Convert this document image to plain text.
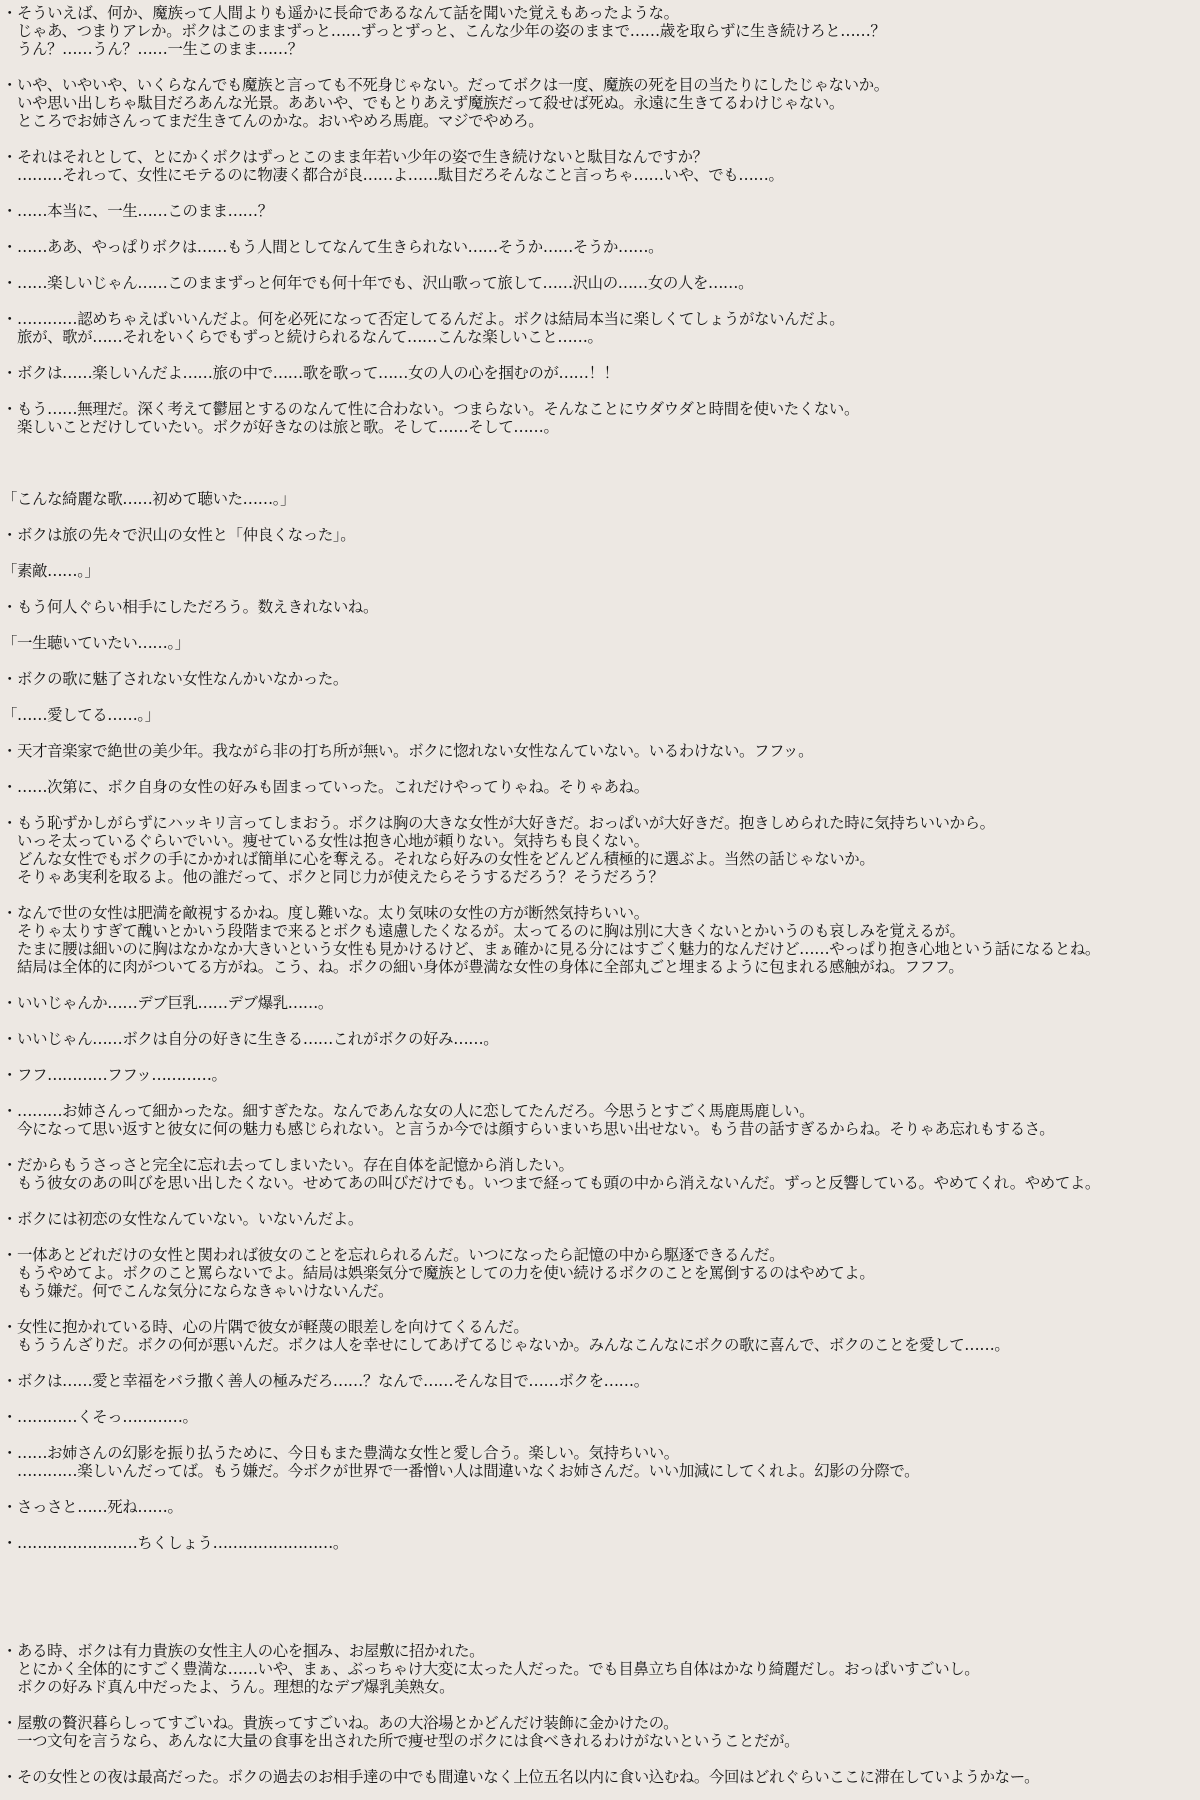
・そういえば、何か、魔族って人間よりも遥かに長命であるなんて話を聞いた覚えもあったような。
　じゃあ、つまりアレか。ボクはこのままずっと……ずっとずっと、こんな少年の姿のままで……歳を取らずに生き続けろと……？
　うん？……うん？……一生このまま……？
・いや、いやいや、いくらなんでも魔族と言っても不死身じゃない。だってボクは一度、魔族の死を目の当たりにしたじゃないか。
　いや思い出しちゃ駄目だろあんな光景。ああいや、でもとりあえず魔族だって殺せば死ぬ。永遠に生きてるわけじゃない。
　ところでお姉さんってまだ生きてんのかな。おいやめろ馬鹿。マジでやめろ。
・それはそれとして、とにかくボクはずっとこのまま年若い少年の姿で生き続けないと駄目なんですか？
　………それって、女性にモテるのに物凄く都合が良……よ……駄目だろそんなこと言っちゃ……いや、でも……。
・……本当に、一生……このまま……？
・……ああ、やっぱりボクは……もう人間としてなんて生きられない……そうか……そうか……。
・……楽しいじゃん……このままずっと何年でも何十年でも、沢山歌って旅して……沢山の……女の人を……。
・…………認めちゃえばいいんだよ。何を必死になって否定してるんだよ。ボクは結局本当に楽しくてしょうがないんだよ。
　旅が、歌が……それをいくらでもずっと続けられるなんて……こんな楽しいこと……。
・ボクは……楽しいんだよ……旅の中で……歌を歌って……女の人の心を掴むのが……！！
・もう……無理だ。深く考えて鬱屈とするのなんて性に合わない。つまらない。そんなことにウダウダと時間を使いたくない。
　楽しいことだけしていたい。ボクが好きなのは旅と歌。そして……そして……。
「こんな綺麗な歌……初めて聴いた……。」
・ボクは旅の先々で沢山の女性と「仲良くなった」。
「素敵……。」
・もう何人ぐらい相手にしただろう。数えきれないね。
「一生聴いていたい……。」
・ボクの歌に魅了されない女性なんかいなかった。
「……愛してる……。」
・天才音楽家で絶世の美少年。我ながら非の打ち所が無い。ボクに惚れない女性なんていない。いるわけない。フフッ。
・……次第に、ボク自身の女性の好みも固まっていった。これだけやってりゃね。そりゃあね。
・もう恥ずかしがらずにハッキリ言ってしまおう。ボクは胸の大きな女性が大好きだ。おっぱいが大好きだ。抱きしめられた時に気持ちいいから。
　いっそ太っているぐらいでいい。痩せている女性は抱き心地が頼りない。気持ちも良くない。
　どんな女性でもボクの手にかかれば簡単に心を奪える。それなら好みの女性をどんどん積極的に選ぶよ。当然の話じゃないか。
　そりゃあ実利を取るよ。他の誰だって、ボクと同じ力が使えたらそうするだろう？そうだろう？
・なんで世の女性は肥満を敵視するかね。度し難いな。太り気味の女性の方が断然気持ちいい。
　そりゃ太りすぎて醜いとかいう段階まで来るとボクも遠慮したくなるが。太ってるのに胸は別に大きくないとかいうのも哀しみを覚えるが。
　たまに腰は細いのに胸はなかなか大きいという女性も見かけるけど、まぁ確かに見る分にはすごく魅力的なんだけど……やっぱり抱き心地という話になるとね。
　結局は全体的に肉がついてる方がね。こう、ね。ボクの細い身体が豊満な女性の身体に全部丸ごと埋まるように包まれる感触がね。フフフ。
・いいじゃんか……デブ巨乳……デブ爆乳……。
・いいじゃん……ボクは自分の好きに生きる……これがボクの好み……。
・フフ…………フフッ…………。
・………お姉さんって細かったな。細すぎたな。なんであんな女の人に恋してたんだろ。今思うとすごく馬鹿馬鹿しい。
　今になって思い返すと彼女に何の魅力も感じられない。と言うか今では顔すらいまいち思い出せない。もう昔の話すぎるからね。そりゃあ忘れもするさ。
・だからもうさっさと完全に忘れ去ってしまいたい。存在自体を記憶から消したい。
　もう彼女のあの叫びを思い出したくない。せめてあの叫びだけでも。いつまで経っても頭の中から消えないんだ。ずっと反響している。やめてくれ。やめてよ。
・ボクには初恋の女性なんていない。いないんだよ。
・一体あとどれだけの女性と関われば彼女のことを忘れられるんだ。いつになったら記憶の中から駆逐できるんだ。
　もうやめてよ。ボクのこと罵らないでよ。結局は娯楽気分で魔族としての力を使い続けるボクのことを罵倒するのはやめてよ。
　もう嫌だ。何でこんな気分にならなきゃいけないんだ。
・女性に抱かれている時、心の片隅で彼女が軽蔑の眼差しを向けてくるんだ。
　もううんざりだ。ボクの何が悪いんだ。ボクは人を幸せにしてあげてるじゃないか。みんなこんなにボクの歌に喜んで、ボクのことを愛して……。
・ボクは……愛と幸福をバラ撒く善人の極みだろ……？なんで……そんな目で……ボクを……。
・…………くそっ…………。
・……お姉さんの幻影を振り払うために、今日もまた豊満な女性と愛し合う。楽しい。気持ちいい。
　…………楽しいんだってば。もう嫌だ。今ボクが世界で一番憎い人は間違いなくお姉さんだ。いい加減にしてくれよ。幻影の分際で。
・さっさと……死ね……。
・……………………ちくしょう……………………。
・ある時、ボクは有力貴族の女性主人の心を掴み、お屋敷に招かれた。
　とにかく全体的にすごく豊満な……いや、まぁ、ぶっちゃけ大変に太った人だった。でも目鼻立ち自体はかなり綺麗だし。おっぱいすごいし。
　ボクの好みド真ん中だったよ、うん。理想的なデブ爆乳美熟女。
・屋敷の贅沢暮らしってすごいね。貴族ってすごいね。あの大浴場とかどんだけ装飾に金かけたの。
　一つ文句を言うなら、あんなに大量の食事を出された所で痩せ型のボクには食べきれるわけがないということだが。
・その女性との夜は最高だった。ボクの過去のお相手達の中でも間違いなく上位五名以内に食い込むね。今回はどれぐらいここに滞在していようかなー。
